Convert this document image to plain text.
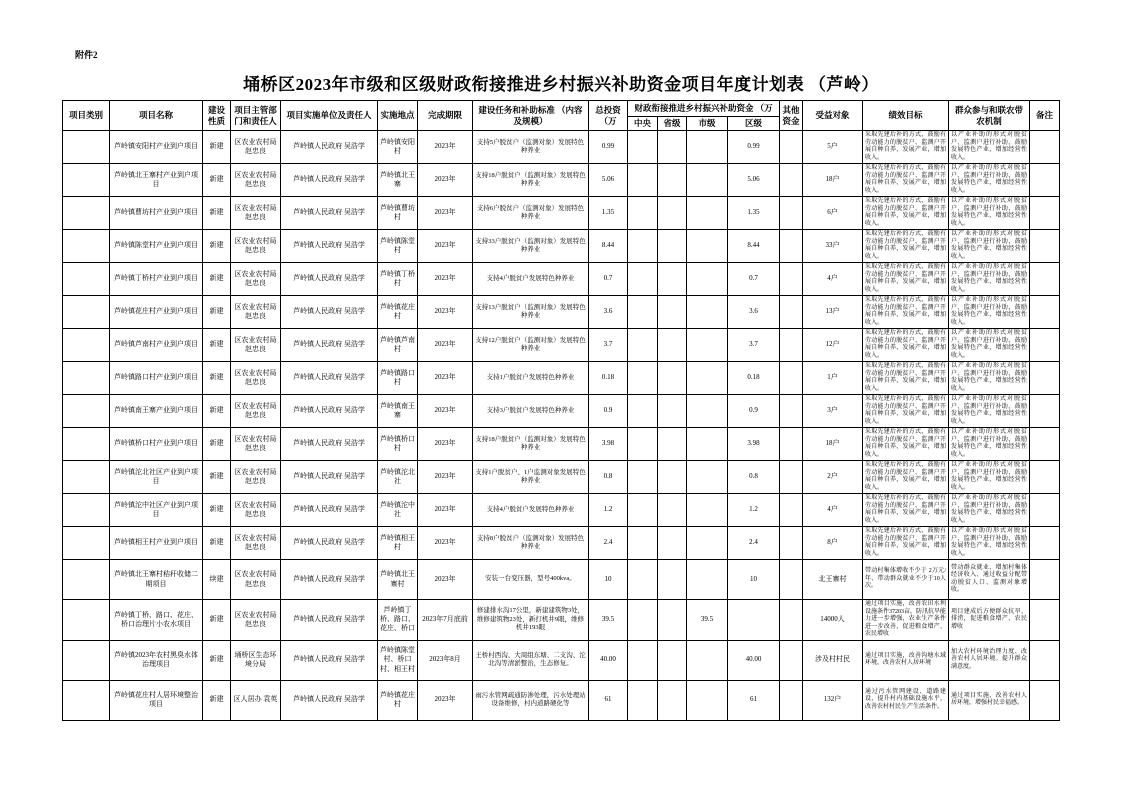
附件2
埇桥区2023年市级和区级财政衔接推进乡村振兴补助资金项目年度计划表 （芦岭）
项目类别	项目名称	建设性质	项目主管部门和责任人	项目实施单位及责任人	实施地点	完成期限	建设任务和补助标准 （内容及规模）	总投资（万	财政衔接推进乡村振兴补助资金 （万				其他资金	受益对象	绩效目标	群众参与和联农带农机制	备注
									中央	省级	市级	区级					
	芦岭镇安阳村产业到户项目	新建	区农业农村局赵忠良	芦岭镇人民政府 吴浩学	芦岭镇安阳村	2023年	支持5户脱贫户（监测对象）发展特色种养业	0.99				0.99		5户	采取先建后补的方式，鼓励有劳动能力的脱贫户、监测户开展自种自养，发展产业，增加收入。	以产业补助的形式对脱贫户、监测户进行补助，鼓励发展特色产业，增加经营性收入。	
	芦岭镇北王寨村产业到户项目	新建	区农业农村局赵忠良	芦岭镇人民政府 吴浩学	芦岭镇北王寨	2023年	支持18户脱贫户（监测对象）发展特色种养业	5.06				5.06		18户	采取先建后补的方式，鼓励有劳动能力的脱贫户、监测户开展自种自养，发展产业，增加收入。	以产业补助的形式对脱贫户、监测户进行补助，鼓励发展特色产业，增加经营性收入。	
	芦岭镇曹坊村产业到户项目	新建	区农业农村局赵忠良	芦岭镇人民政府 吴浩学	芦岭镇曹坊村	2023年	支持6户脱贫户（监测对象）发展特色种养业	1.35				1.35		6户	采取先建后补的方式，鼓励有劳动能力的脱贫户、监测户开展自种自养，发展产业，增加收入。	以产业补助的形式对脱贫户、监测户进行补助，鼓励发展特色产业，增加经营性收入。	
	芦岭镇陈堂村产业到户项目	新建	区农业农村局赵忠良	芦岭镇人民政府 吴浩学	芦岭镇陈堂村	2023年	支持33户脱贫户（监测对象）发展特色种养业	8.44				8.44		33户	采取先建后补的方式，鼓励有劳动能力的脱贫户、监测户开展自种自养，发展产业，增加收入。	以产业补助的形式对脱贫户、监测户进行补助，鼓励发展特色产业，增加经营性收入。	
	芦岭镇丁桥村产业到户项目	新建	区农业农村局赵忠良	芦岭镇人民政府 吴浩学	芦岭镇丁桥村	2023年	支持4户脱贫户发展特色种养业	0.7				0.7		4户	采取先建后补的方式，鼓励有劳动能力的脱贫户、监测户开展自种自养，发展产业，增加收入。	以产业补助的形式对脱贫户、监测户进行补助，鼓励发展特色产业，增加经营性收入。	
	芦岭镇花庄村产业到户项目	新建	区农业农村局赵忠良	芦岭镇人民政府 吴浩学	芦岭镇花庄村	2023年	支持13户脱贫户（监测对象）发展特色种养业	3.6				3.6		13户	采取先建后补的方式，鼓励有劳动能力的脱贫户、监测户开展自种自养，发展产业，增加收入。	以产业补助的形式对脱贫户、监测户进行补助，鼓励发展特色产业，增加经营性收入。	
	芦岭镇芦南村产业到户项目	新建	区农业农村局赵忠良	芦岭镇人民政府 吴浩学	芦岭镇芦南村	2023年	支持12户脱贫户（监测对象）发展特色种养业	3.7				3.7		12户	采取先建后补的方式，鼓励有劳动能力的脱贫户、监测户开展自种自养，发展产业，增加收入。	以产业补助的形式对脱贫户、监测户进行补助，鼓励发展特色产业，增加经营性收入。	
	芦岭镇路口村产业到户项目	新建	区农业农村局赵忠良	芦岭镇人民政府 吴浩学	芦岭镇路口村	2023年	支持1户脱贫户发展特色种养业	0.18				0.18		1户	采取先建后补的方式，鼓励有劳动能力的脱贫户、监测户开展自种自养，发展产业，增加收入。	以产业补助的形式对脱贫户、监测户进行补助，鼓励发展特色产业，增加经营性收入。	
	芦岭镇南王寨产业到户项目	新建	区农业农村局赵忠良	芦岭镇人民政府 吴浩学	芦岭镇南王寨	2023年	支持3户脱贫户发展特色种养业	0.9				0.9		3户	采取先建后补的方式，鼓励有劳动能力的脱贫户、监测户开展自种自养，发展产业，增加收入。	以产业补助的形式对脱贫户、监测户进行补助，鼓励发展特色产业，增加经营性收入。	
	芦岭镇桥口村产业到户项目	新建	区农业农村局赵忠良	芦岭镇人民政府 吴浩学	芦岭镇桥口村	2023年	支持18户脱贫户（监测对象）发展特色种养业	3.98				3.98		18户	采取先建后补的方式，鼓励有劳动能力的脱贫户、监测户开展自种自养，发展产业，增加收入。	以产业补助的形式对脱贫户、监测户进行补助，鼓励发展特色产业，增加经营性收入。	
	芦岭镇沱北社区产业到户项目	新建	区农业农村局赵忠良	芦岭镇人民政府 吴浩学	芦岭镇沱北社	2023年	支持1户脱贫户、1户监测对象发展特色种养业	0.8				0.8		2户	采取先建后补的方式，鼓励有劳动能力的脱贫户、监测户开展自种自养，发展产业，增加收入。	以产业补助的形式对脱贫户、监测户进行补助，鼓励发展特色产业，增加经营性收入。	
	芦岭镇沱中社区产业到户项目	新建	区农业农村局赵忠良	芦岭镇人民政府 吴浩学	芦岭镇沱中社	2023年	支持4户脱贫户发展特色种养业	1.2				1.2		4户	采取先建后补的方式，鼓励有劳动能力的脱贫户、监测户开展自种自养，发展产业，增加收入。	以产业补助的形式对脱贫户、监测户进行补助，鼓励发展特色产业，增加经营性收入。	
	芦岭镇相王村产业到户项目	新建	区农业农村局赵忠良	芦岭镇人民政府 吴浩学	芦岭镇相王村	2023年	支持8户脱贫户（监测对象）发展特色种养业	2.4				2.4		8户	采取先建后补的方式，鼓励有劳动能力的脱贫户、监测户开展自种自养，发展产业，增加收入。	以产业补助的形式对脱贫户、监测户进行补助，鼓励发展特色产业，增加经营性收入。	
	芦岭镇北王寨村秸秆收储二期项目	续建	区农业农村局 赵忠良	芦岭镇人民政府 吴浩学	芦岭镇北王寨村	2023年	安装一台变压器，型号400kva。	10				10		北王寨村	带动村集体增收不少于 2万元/年、带动群众就业不少于10人次。	带动群众就业、增加村集体经济收入、通过收益分配带动脱贫人口、监测对象增收。	
	芦岭镇丁桥、路口、花庄、桥口治理片小农水项目	新建	区农业农村局 赵忠良	芦岭镇人民政府 吴浩学	芦岭镇丁桥、路口、花庄、桥口	2023年7月底前	修建排水沟17公里，新建建筑物3处，维修建筑物23处，新打机井9眼，维修机井193眼	39.5			39.5			14000人	通过项目实施，改善农田水利设施条件37203亩，防汛抗旱能力进一步增强，农业生产条件进一步改善，促进粮食增产、农民增收	项目建成后方便群众抗旱、排涝，促进粮食增产、农民增收	
	芦岭镇2023年农村黑臭水体治理项目	新建	埇桥区生态环境分局	芦岭镇人民政府 吴浩学	芦岭镇陈堂村、桥口村、相王村	2023年8月	王桥村西沟、大周组东塘、二支沟、沱北沟等清淤整治，生态修复。	40.00				40.00		涉及村村民	通过项目实施，改善沟塘水域环境，改善农村人居环境	加大农村环境治理力度、改善农村人居环境。提升群众满意度。	
	芦岭镇花庄村人居环境整治项目	新建	区人居办 袁英	芦岭镇人民政府 吴浩学	芦岭镇花庄村	2023年	雨污水管网疏通防渗处理，污水处理站设备维修，村内道路硬化等	61				61		132户	通过污水管网建设、道路建设，提升村内基础设施水平，改善农村村民生产生活条件。	通过项目实施，改善农村人居环境，增强村民幸福感。	
